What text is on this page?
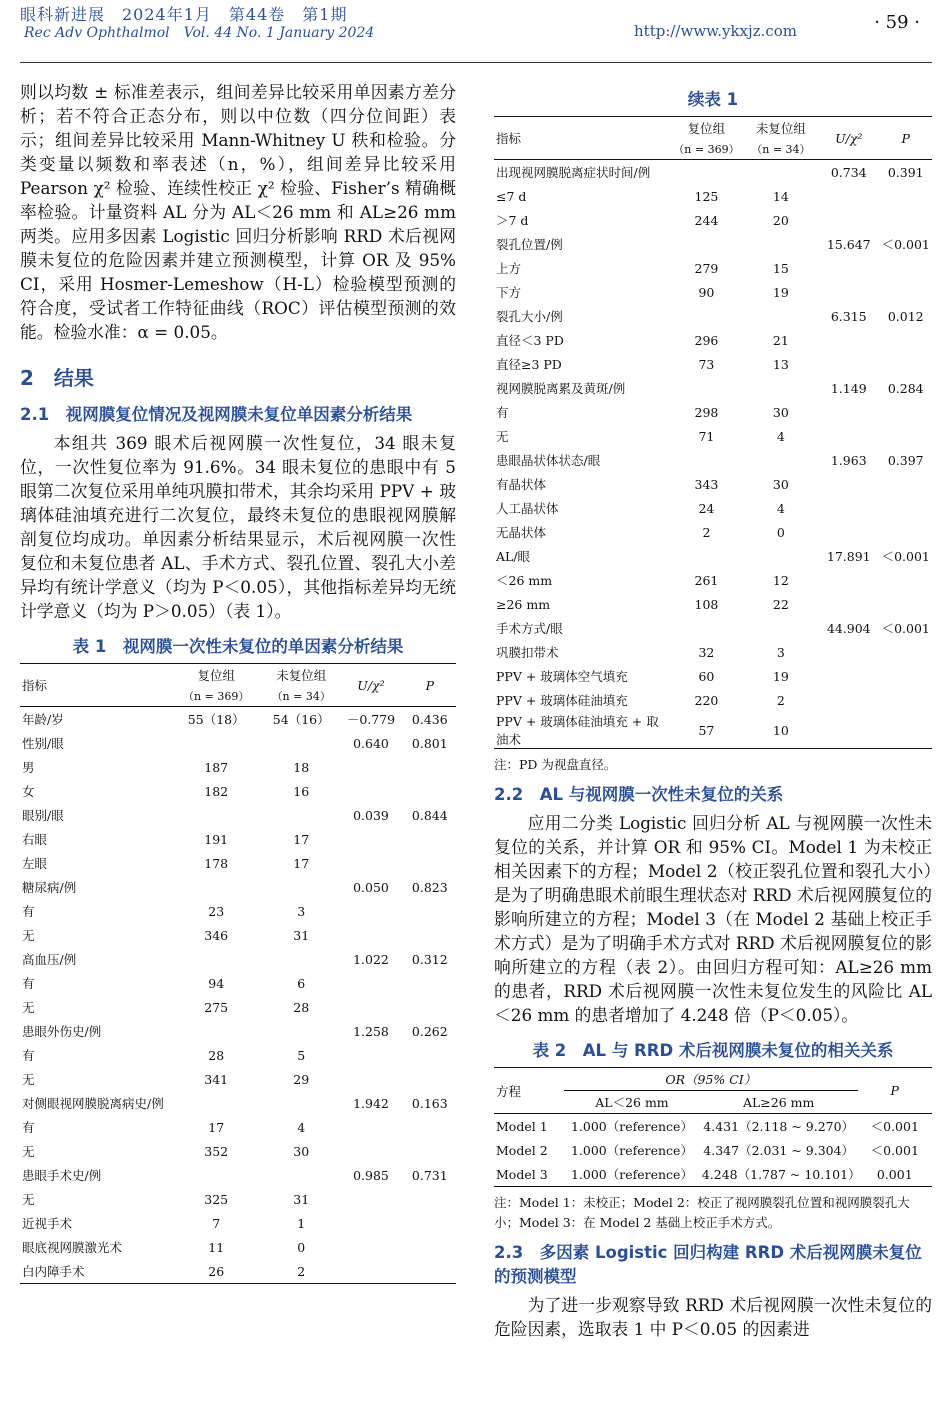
眼科新进展　2024年1月　第44卷　第1期
Rec Adv Ophthalmol　Vol. 44 No. 1 January 2024	http://www.ykxjz.com	· 59 ·

则以均数 ± 标准差表示，组间差异比较采用单因素方差分析；若不符合正态分布，则以中位数（四分位间距）表示；组间差异比较采用 Mann-Whitney U 秩和检验。分类变量以频数和率表述（n，%），组间差异比较采用 Pearson χ² 检验、连续性校正 χ² 检验、Fisher’s 精确概率检验。计量资料 AL 分为 AL＜26 mm 和 AL≥26 mm 两类。应用多因素 Logistic 回归分析影响 RRD 术后视网膜未复位的危险因素并建立预测模型，计算 OR 及 95% CI，采用 Hosmer-Lemeshow（H-L）检验模型预测的符合度，受试者工作特征曲线（ROC）评估模型预测的效能。检验水准：α = 0.05。

2　结果
2.1　视网膜复位情况及视网膜未复位单因素分析结果

本组共 369 眼术后视网膜一次性复位，34 眼未复位，一次性复位率为 91.6%。34 眼未复位的患眼中有 5 眼第二次复位采用单纯巩膜扣带术，其余均采用 PPV + 玻璃体硅油填充进行二次复位，最终未复位的患眼视网膜解剖复位均成功。单因素分析结果显示，术后视网膜一次性复位和未复位患者 AL、手术方式、裂孔位置、裂孔大小差异均有统计学意义（均为 P＜0.05），其他指标差异均无统计学意义（均为 P＞0.05）（表 1）。

表 1　视网膜一次性未复位的单因素分析结果
指标	复位组	未复位组	U/χ²	P
	（n = 369）	（n = 34）		
年龄/岁	55（18）	54（16）	－0.779	0.436
性别/眼			0.640	0.801
男	187	18		
女	182	16		
眼别/眼			0.039	0.844
右眼	191	17		
左眼	178	17		
糖尿病/例			0.050	0.823
有	23	3		
无	346	31		
高血压/例			1.022	0.312
有	94	6		
无	275	28		
患眼外伤史/例			1.258	0.262
有	28	5		
无	341	29		
对侧眼视网膜脱离病史/例			1.942	0.163
有	17	4		
无	352	30		
患眼手术史/例			0.985	0.731
无	325	31		
近视手术	7	1		
眼底视网膜激光术	11	0		
白内障手术	26	2		
续表 1
指标	复位组	未复位组	U/χ²	P
	（n = 369）	（n = 34）		
出现视网膜脱离症状时间/例			0.734	0.391
≤7 d	125	14		
＞7 d	244	20		
裂孔位置/例			15.647	＜0.001
上方	279	15		
下方	90	19		
裂孔大小/例			6.315	0.012
直径＜3 PD	296	21		
直径≥3 PD	73	13		
视网膜脱离累及黄斑/例			1.149	0.284
有	298	30		
无	71	4		
患眼晶状体状态/眼			1.963	0.397
有晶状体	343	30		
人工晶状体	24	4		
无晶状体	2	0		
AL/眼			17.891	＜0.001
＜26 mm	261	12		
≥26 mm	108	22		
手术方式/眼			44.904	＜0.001
巩膜扣带术	32	3		
PPV + 玻璃体空气填充	60	19		
PPV + 玻璃体硅油填充	220	2		
PPV + 玻璃体硅油填充 + 取油术	57	10		
注：PD 为视盘直径。
2.2　AL 与视网膜一次性未复位的关系

应用二分类 Logistic 回归分析 AL 与视网膜一次性未复位的关系，并计算 OR 和 95% CI。Model 1 为未校正相关因素下的方程；Model 2（校正裂孔位置和裂孔大小）是为了明确患眼术前眼生理状态对 RRD 术后视网膜复位的影响所建立的方程；Model 3（在 Model 2 基础上校正手术方式）是为了明确手术方式对 RRD 术后视网膜复位的影响所建立的方程（表 2）。由回归方程可知：AL≥26 mm 的患者，RRD 术后视网膜一次性未复位发生的风险比 AL＜26 mm 的患者增加了 4.248 倍（P＜0.05）。

表 2　AL 与 RRD 术后视网膜未复位的相关关系
方程	OR（95% CI）		P
	AL＜26 mm	AL≥26 mm	
Model 1	1.000（reference）	4.431（2.118 ~ 9.270）	＜0.001
Model 2	1.000（reference）	4.347（2.031 ~ 9.304）	＜0.001
Model 3	1.000（reference）	4.248（1.787 ~ 10.101）	0.001
注：Model 1：未校正；Model 2：校正了视网膜裂孔位置和视网膜裂孔大小；Model 3：在 Model 2 基础上校正手术方式。
2.3　多因素 Logistic 回归构建 RRD 术后视网膜未复位的预测模型

为了进一步观察导致 RRD 术后视网膜一次性未复位的危险因素，选取表 1 中 P＜0.05 的因素进
